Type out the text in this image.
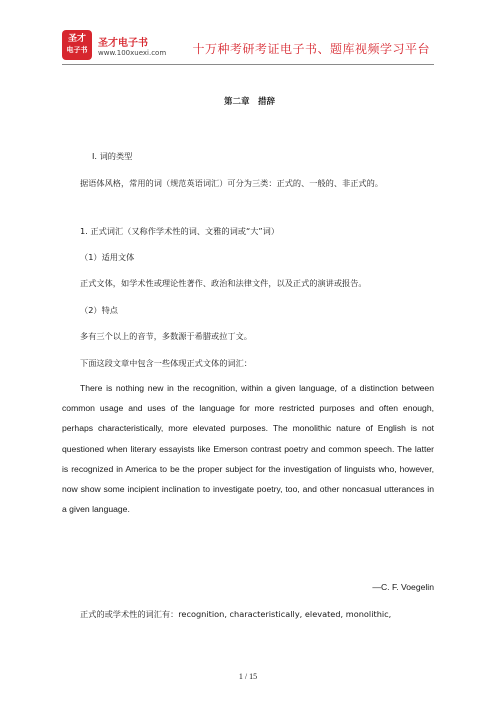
圣才
电子书
圣才电子书
www.100xuexi.com 十万种考研考证电子书、题库视频学习平台

第二章　措辞

Ⅰ. 词的类型

据语体风格，常用的词（规范英语词汇）可分为三类：正式的、一般的、非正式的。

1. 正式词汇（又称作学术性的词、文雅的词或“大”词）

（1）适用文体

正式文体，如学术性或理论性著作、政治和法律文件，以及正式的演讲或报告。

（2）特点

多有三个以上的音节，多数源于希腊或拉丁文。

下面这段文章中包含一些体现正式文体的词汇：

There is nothing new in the recognition, within a given language, of a distinction between common usage and uses of the language for more restricted purposes and often enough, perhaps characteristically, more elevated purposes. The monolithic nature of English is not questioned when literary essayists like Emerson contrast poetry and common speech. The latter is recognized in America to be the proper subject for the investigation of linguists who, however, now show some incipient inclination to investigate poetry, too, and other noncasual utterances in a given language.

—C. F. Voegelin

正式的或学术性的词汇有：recognition, characteristically, elevated, monolithic,

1 / 15
